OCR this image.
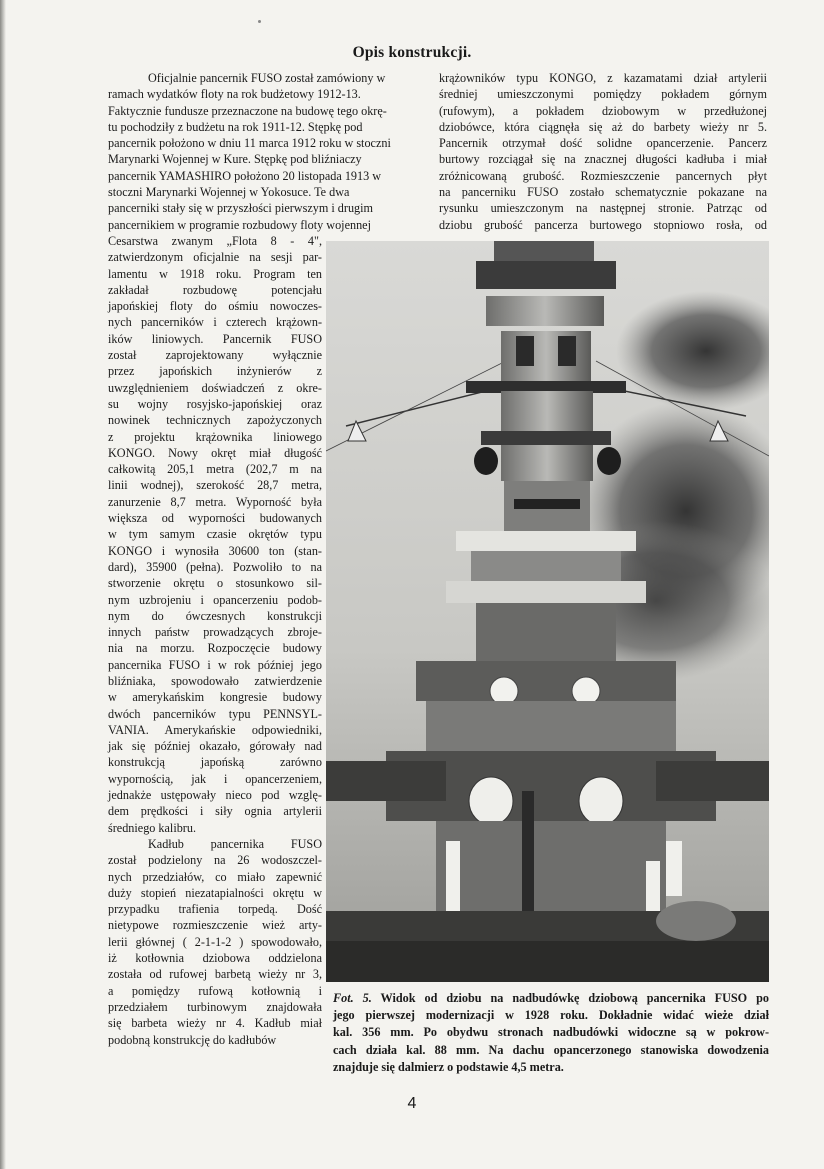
Opis konstrukcji.
Oficjalnie pancernik FUSO został zamówiony w
ramach wydatków floty na rok budżetowy 1912-13.
Faktycznie fundusze przeznaczone na budowę tego okrę-
tu pochodziły z budżetu na rok 1911-12. Stępkę pod
pancernik położono w dniu 11 marca 1912 roku w stoczni
Marynarki Wojennej w Kure. Stępkę pod bliźniaczy
pancernik YAMASHIRO położono 20 listopada 1913 w
stoczni Marynarki Wojennej w Yokosuce. Te dwa
pancerniki stały się w przyszłości pierwszym i drugim
pancernikiem w programie rozbudowy floty wojennej
Cesarstwa zwanym „Flota 8 - 4",
zatwierdzonym oficjalnie na sesji par-
lamentu w 1918 roku. Program ten
zakładał rozbudowę potencjału
japońskiej floty do ośmiu nowoczes-
nych pancerników i czterech krążown-
ików liniowych. Pancernik FUSO
został zaprojektowany wyłącznie
przez japońskich inżynierów z
uwzględnieniem doświadczeń z okre-
su wojny rosyjsko-japońskiej oraz
nowinek technicznych zapożyczonych
z projektu krążownika liniowego
KONGO. Nowy okręt miał długość
całkowitą 205,1 metra (202,7 m na
linii wodnej), szerokość 28,7 metra,
zanurzenie 8,7 metra. Wyporność była
większa od wyporności budowanych
w tym samym czasie okrętów typu
KONGO i wynosiła 30600 ton (stan-
dard), 35900 (pełna). Pozwoliło to na
stworzenie okrętu o stosunkowo sil-
nym uzbrojeniu i opancerzeniu podob-
nym do ówczesnych konstrukcji
innych państw prowadzących zbroje-
nia na morzu. Rozpoczęcie budowy
pancernika FUSO i w rok później jego
bliźniaka, spowodowało zatwierdzenie
w amerykańskim kongresie budowy
dwóch pancerników typu PENNSYL-
VANIA. Amerykańskie odpowiedniki,
jak się później okazało, górowały nad
konstrukcją japońską zarówno
wypornością, jak i opancerzeniem,
jednakże ustępowały nieco pod wzglę-
dem prędkości i siły ognia artylerii
średniego kalibru.
Kadłub pancernika FUSO
został podzielony na 26 wodoszczel-
nych przedziałów, co miało zapewnić
duży stopień niezatapialności okrętu w
przypadku trafienia torpedą. Dość
nietypowe rozmieszczenie wież arty-
lerii głównej ( 2-1-1-2 ) spowodowało,
iż kotłownia dziobowa oddzielona
została od rufowej barbetą wieży nr 3,
a pomiędzy rufową kotłownią i
przedziałem turbinowym znajdowała
się barbeta wieży nr 4. Kadłub miał
podobną konstrukcję do kadłubów
krążowników typu KONGO, z kazamatami dział artylerii
średniej umieszczonymi pomiędzy pokładem górnym
(rufowym), a pokładem dziobowym w przedłużonej
dziobówce, która ciągnęła się aż do barbety wieży nr 5.
Pancernik otrzymał dość solidne opancerzenie. Pancerz
burtowy rozciągał się na znacznej długości kadłuba i miał
zróżnicowaną grubość. Rozmieszczenie pancernych płyt
na pancerniku FUSO zostało schematycznie pokazane na
rysunku umieszczonym na następnej stronie. Patrząc od
dziobu grubość pancerza burtowego stopniowo rosła, od
Fot. 5. Widok od dziobu na nadbudówkę dziobową pancernika FUSO po
jego pierwszej modernizacji w 1928 roku. Dokładnie widać wieże dział
kal. 356 mm. Po obydwu stronach nadbudówki widoczne są w pokrow-
cach działa kal. 88 mm. Na dachu opancerzonego stanowiska dowodzenia
znajduje się dalmierz o podstawie 4,5 metra.
4
